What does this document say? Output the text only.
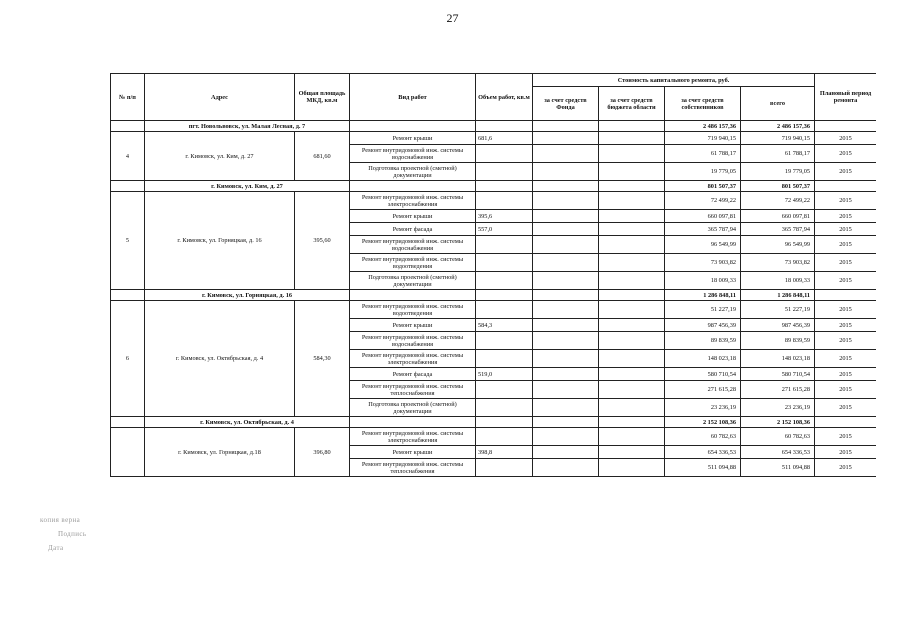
27
№ п/п	Адрес	Общая площадь МКД, кв.м	Вид работ	Объем работ, кв.м	Стоимость капитального ремонта, руб.				Плановый период ремонта
					за счет средств Фонда	за счет средств бюджета области	за счет средств собственников	всего	
	пгт. Новольвовск, ул. Малая Лесная, д. 7						2 486 157,36	2 486 157,36	
4	г. Кимовск, ул. Ким, д. 27	681,60	Ремонт крыши	681,6			719 940,15	719 940,15	2015
			Ремонт внутридомовой инж. системы водоснабжения				61 788,17	61 788,17	2015
			Подготовка проектной (сметной) документации				19 779,05	19 779,05	2015
	г. Кимовск, ул. Ким, д. 27						801 507,37	801 507,37	
5	г. Кимовск, ул. Горняцкая, д. 16	395,60	Ремонт внутридомовой инж. системы электроснабжения				72 499,22	72 499,22	2015
			Ремонт крыши	395,6			660 097,81	660 097,81	2015
			Ремонт фасада	557,0			365 787,94	365 787,94	2015
			Ремонт внутридомовой инж. системы водоснабжения				96 549,99	96 549,99	2015
			Ремонт внутридомовой инж. системы водоотведения				73 903,82	73 903,82	2015
			Подготовка проектной (сметной) документации				18 009,33	18 009,33	2015
	г. Кимовск, ул. Горняцкая, д. 16						1 286 848,11	1 286 848,11	
6	г. Кимовск, ул. Октябрьская, д. 4	584,30	Ремонт внутридомовой инж. системы водоотведения				51 227,19	51 227,19	2015
			Ремонт крыши	584,3			987 456,39	987 456,39	2015
			Ремонт внутридомовой инж. системы водоснабжения				89 839,59	89 839,59	2015
			Ремонт внутридомовой инж. системы электроснабжения				148 023,18	148 023,18	2015
			Ремонт фасада	519,0			580 710,54	580 710,54	2015
			Ремонт внутридомовой инж. системы теплоснабжения				271 615,28	271 615,28	2015
			Подготовка проектной (сметной) документации				23 236,19	23 236,19	2015
	г. Кимовск, ул. Октябрьская, д. 4						2 152 108,36	2 152 108,36	
	г. Кимовск, ул. Горняцкая, д.18	396,80	Ремонт внутридомовой инж. системы электроснабжения				60 782,63	60 782,63	2015
			Ремонт крыши	398,8			654 336,53	654 336,53	2015
			Ремонт внутридомовой инж. системы теплоснабжения				511 094,88	511 094,88	2015
копия верна
Подпись
Дата
